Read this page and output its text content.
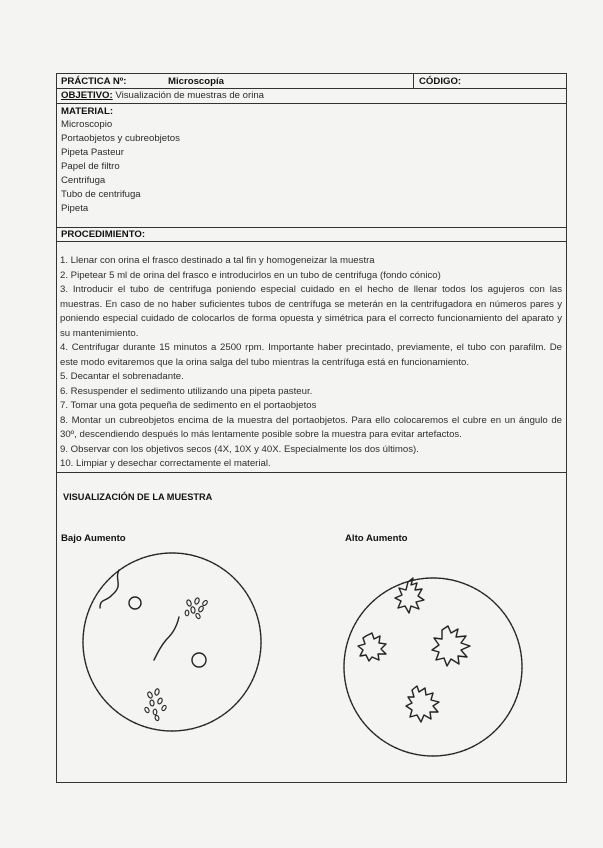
PRÁCTICA Nº:	Microscopía	CÓDIGO:
OBJETIVO: Visualización de muestras de orina
MATERIAL:
Microscopio
Portaobjetos y cubreobjetos
Pipeta Pasteur
Papel de filtro
Centrifuga
Tubo de centrifuga
Pipeta
PROCEDIMIENTO:

1. Llenar con orina el frasco destinado a tal fin y homogeneizar la muestra

2. Pipetear 5 ml de orina del frasco e introducirlos en un tubo de centrifuga (fondo cónico)

3. Introducir el tubo de centrifuga poniendo especial cuidado en el hecho de llenar todos los agujeros con las muestras. En caso de no haber suficientes tubos de centrífuga se meterán en la centrifugadora en números pares y poniendo especial cuidado de colocarlos de forma opuesta y simétrica para el correcto funcionamiento del aparato y su mantenimiento.

4. Centrifugar durante 15 minutos a 2500 rpm. Importante haber precintado, previamente, el tubo con parafilm. De este modo evitaremos que la orina salga del tubo mientras la centrífuga está en funcionamiento.

5. Decantar el sobrenadante.

6. Resuspender el sedimento utilizando una pipeta pasteur.

7. Tomar una gota pequeña de sedimento en el portaobjetos

8. Montar un cubreobjetos encima de la muestra del portaobjetos. Para ello colocaremos el cubre en un ángulo de 30º, descendiendo después lo más lentamente posible sobre la muestra para evitar artefactos.

9. Observar con los objetivos secos (4X, 10X y 40X. Especialmente los dos últimos).

10. Limpiar y desechar correctamente el material.

VISUALIZACIÓN DE LA MUESTRA
Bajo Aumento	Alto Aumento
